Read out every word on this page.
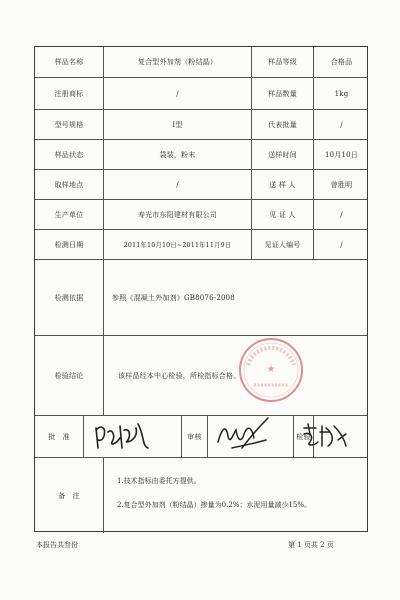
样品名称	复合型外加剂（粉结晶）	样品等级	合格品
注册商标	/	样品数量	1kg
型号规格	I型	代表批量	/
样品状态	袋装，粉末	送样时间	10月10日
取样地点	/	送 样 人	曾胜明
生产单位	寿光市东阳建材有限公司	见 证 人	/
检测日期	2011年10月10日~2011年11月9日	见证人编号	/
检测依据	参照《混凝土外加剂》GB8076-2008
检验结论	该样品经本中心检验，所检指标合格。
批　准	审核	检验
备　注
1.技术指标由委托方提供。
2.复合型外加剂（粉结晶）掺量为0.2%；水泥用量减少15%。
★
本报告共叁份	第 1 页共 2 页
